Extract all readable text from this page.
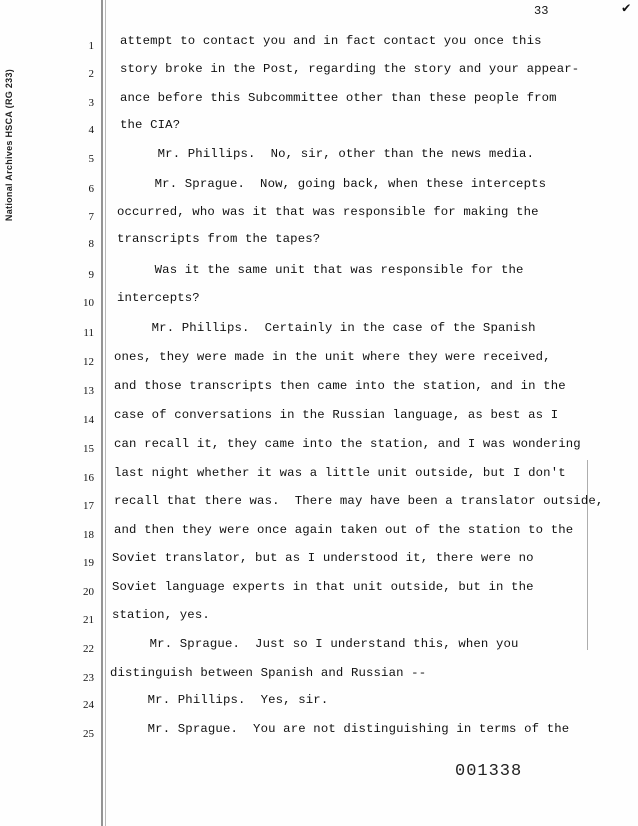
33	✔
National Archives HSCA (RG 233)
1 attempt to contact you and in fact contact you once this
2 story broke in the Post, regarding the story and your appear-
3 ance before this Subcommittee other than these people from
4 the CIA?
5 Mr. Phillips.  No, sir, other than the news media.
6 Mr. Sprague.  Now, going back, when these intercepts
7 occurred, who was it that was responsible for making the
8 transcripts from the tapes?
9 Was it the same unit that was responsible for the
10 intercepts?
11 Mr. Phillips.  Certainly in the case of the Spanish
12 ones, they were made in the unit where they were received,
13 and those transcripts then came into the station, and in the
14 case of conversations in the Russian language, as best as I
15 can recall it, they came into the station, and I was wondering
16 last night whether it was a little unit outside, but I don't
17 recall that there was.  There may have been a translator outside,
18 and then they were once again taken out of the station to the
19 Soviet translator, but as I understood it, there were no
20 Soviet language experts in that unit outside, but in the
21 station, yes.
22 Mr. Sprague.  Just so I understand this, when you
23 distinguish between Spanish and Russian --
24 Mr. Phillips.  Yes, sir.
25 Mr. Sprague.  You are not distinguishing in terms of the
001338
